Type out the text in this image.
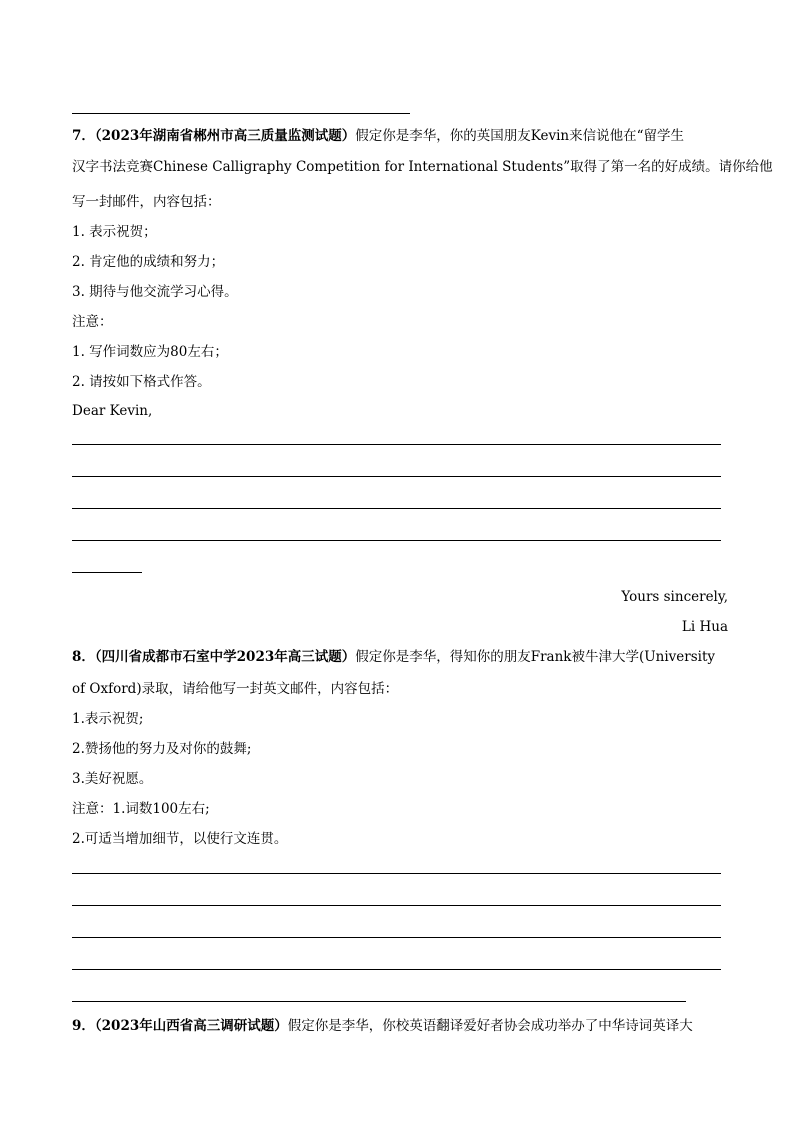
7．（2023年湖南省郴州市高三质量监测试题）假定你是李华，你的英国朋友Kevin来信说他在“留学生
汉字书法竞赛Chinese Calligraphy Competition for International Students”取得了第一名的好成绩。请你给他
写一封邮件，内容包括：
1. 表示祝贺；
2. 肯定他的成绩和努力；
3. 期待与他交流学习心得。
注意：
1. 写作词数应为80左右；
2. 请按如下格式作答。
Dear Kevin,
Yours sincerely,
Li Hua
8．（四川省成都市石室中学2023年高三试题）假定你是李华，得知你的朋友Frank被牛津大学(University
of Oxford)录取，请给他写一封英文邮件，内容包括：
1.表示祝贺;
2.赞扬他的努力及对你的鼓舞;
3.美好祝愿。
注意：1.词数100左右;
2.可适当增加细节，以使行文连贯。
9．（2023年山西省高三调研试题）假定你是李华，你校英语翻译爱好者协会成功举办了中华诗词英译大
